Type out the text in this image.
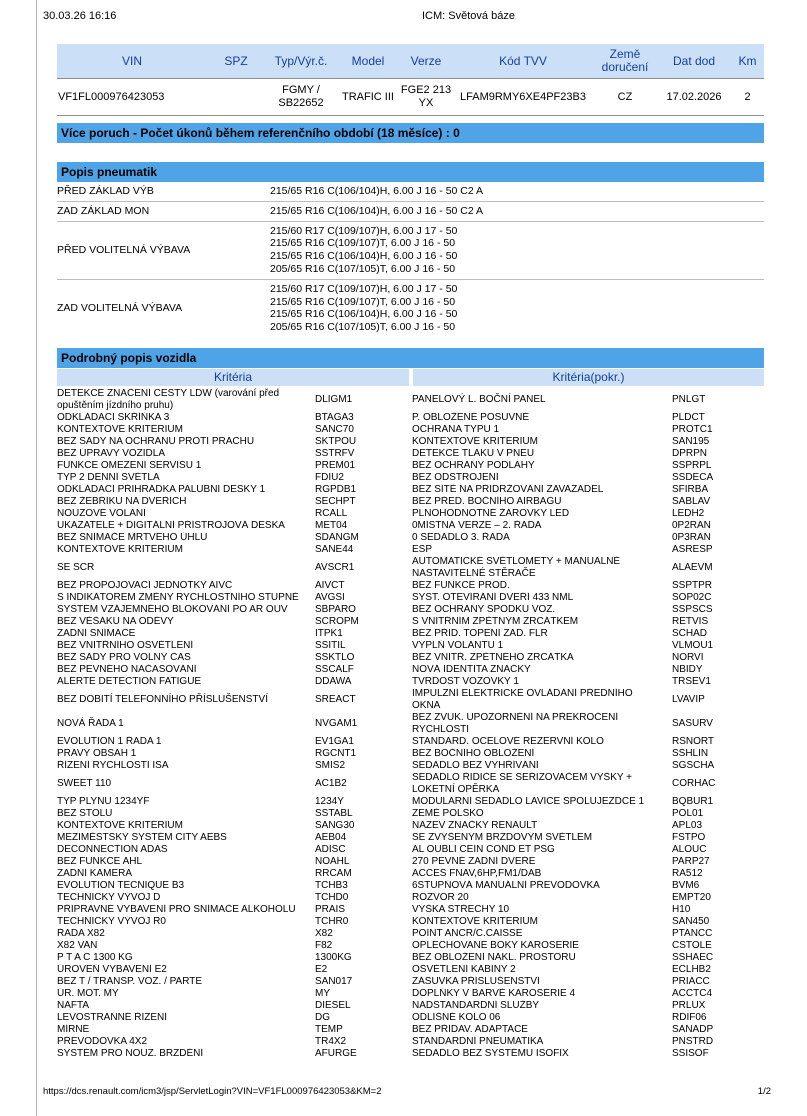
30.03.26 16:16	ICM: Světová báze
VIN	SPZ	Typ/Výr.č.	Model	Verze	Kód TVV	Země doručení	Dat dod	Km
VF1FL000976423053		FGMY / SB22652	TRAFIC III	FGE2 213 YX	LFAM9RMY6XE4PF23B3	CZ	17.02.2026	2
Více poruch - Počet úkonů během referenčního období (18 měsíce) : 0
Popis pneumatik
PŘED ZÁKLAD VÝB	215/65 R16 C(106/104)H, 6.00 J 16 - 50 C2 A

ZAD ZÁKLAD MON	215/65 R16 C(106/104)H, 6.00 J 16 - 50 C2 A

PŘED VOLITELNÁ VÝBAVA	215/60 R17 C(109/107)H, 6.00 J 17 - 50
215/65 R16 C(109/107)T, 6.00 J 16 - 50
215/65 R16 C(106/104)H, 6.00 J 16 - 50
205/65 R16 C(107/105)T, 6.00 J 16 - 50

ZAD VOLITELNÁ VÝBAVA	215/60 R17 C(109/107)H, 6.00 J 17 - 50
215/65 R16 C(109/107)T, 6.00 J 16 - 50
215/65 R16 C(106/104)H, 6.00 J 16 - 50
205/65 R16 C(107/105)T, 6.00 J 16 - 50
Podrobný popis vozidla
Kritéria	Kritéria(pokr.)
DETEKCE ZNAČENÍ CESTY LDW (varování před opuštěním jízdního pruhu)	DLIGM1	PANELOVÝ L. BOČNÍ PANEL	PNLGT
ODKLÁDACÍ SKŘÍŇKA 3	BTAGA3	P. OBLOŽENÉ POSUVNÉ	PLDCT
KONTEXTOVÉ KRITÉRIUM	SANC70	OCHRANA TYPU 1	PROTC1
BEZ SADY NA OCHRANU PROTI PRACHU	SKTPOU	KONTEXTOVÉ KRITÉRIUM	SAN195
BEZ ÚPRAVY VOZIDLA	SSTRFV	DETEKCE TLAKU V PNEU	DPRPN
FUNKCE OMEZENÍ SERVISU 1	PREM01	BEZ OCHRANY PODLAHY	SSPRPL
TYP 2 DENNÍ SVĚTLA	FDIU2	BEZ ODSTROJENÍ	SSDECA
ODKLÁDACÍ PŘIHRÁDKA PALUBNÍ DESKY 1	RGPDB1	BEZ SÍTĚ NA PŘIDRŽOVÁNÍ ZAVAZADEL	SFIRBA
BEZ ŽEBŘÍKU NA DVEŘÍCH	SECHPT	BEZ PŘED. BOČNÍHO AIRBAGU	SABLAV
NOUZOVÉ VOLÁNÍ	RCALL	PLNOHODNOTNÉ ŽÁROVKY LED	LEDH2
UKAZATELE + DIGITÁLNÍ PŘÍSTROJOVÁ DESKA	MET04	0MÍSTNÁ VERZE – 2. ŘADA	0P2RAN
BEZ SNÍMAČE MRTVÉHO ÚHLU	SDANGM	0 SEDADLO 3. ŘADA	0P3RAN
KONTEXTOVÉ KRITÉRIUM	SANE44	ESP	ASRESP
SE SCR	AVSCR1	AUTOMATICKÉ SVĚTLOMETY + MANUÁLNĚ NASTAVITELNÉ STĚRAČE	ALAEVM
BEZ PROPOJOVACÍ JEDNOTKY AIVC	AIVCT	BEZ FUNKCE PROD.	SSPTPR
S INDIKÁTOREM ZMĚNY RYCHLOSTNÍHO STUPNĚ	AVGSI	SYST. OTEVÍRÁNÍ DVEŘÍ 433 NML	SOP02C
SYSTÉM VZÁJEMNÉHO BLOKOVÁNÍ PO AR OUV	SBPARO	BEZ OCHRANY SPODKU VOZ.	SSPSCS
BEZ VĚŠÁKU NA ODĚVY	SCROPM	S VNITŘNÍM ZPĚTNÝM ZRCÁTKEM	RETVIS
ZADNÍ SNÍMAČE	ITPK1	BEZ PŘÍD. TOPENÍ ZAD. FLR	SCHAD
BEZ VNITŘNÍHO OSVĚTLENÍ	SSITIL	VÝPLŇ VOLANTU 1	VLMOU1
BEZ SADY PRO VOLNÝ ČAS	SSKTLO	BEZ VNITŘ. ZPĚTNÉHO ZRCÁTKA	NORVI
BEZ PEVNÉHO NAČASOVÁNÍ	SSCALF	NOVÁ IDENTITA ZNAČKY	NBIDY
ALERTE DETECTION FATIGUE	DDAWA	TVRDOST VOZOVKY 1	TRSEV1
BEZ DOBITÍ TELEFONNÍHO PŘÍSLUŠENSTVÍ	SREACT	IMPULZNÍ ELEKTRICKÉ OVLÁDÁNÍ PŘEDNÍHO OKNA	LVAVIP
NOVÁ ŘADA 1	NVGAM1	BEZ ZVUK. UPOZORNĚNÍ NA PŘEKROČENÍ RYCHLOSTI	SASURV
EVOLUTION 1 ŘADA 1	EV1GA1	STANDARD. OCELOVÉ REZERVNÍ KOLO	RSNORT
PRAVÝ OBSAH 1	RGCNT1	BEZ BOČNÍHO OBLOŽENÍ	SSHLIN
ŘÍZENÍ RYCHLOSTI ISA	SMIS2	SEDADLO BEZ VYHŘÍVÁNÍ	SGSCHA
SWEET 110	AC1B2	SEDADLO ŘIDIČE SE SEŘIZOVAČEM VÝŠKY + LOKETNÍ OPĚRKA	CORHAC
TYP PLYNU 1234YF	1234Y	MODULÁRNÍ SEDADLO LAVICE SPOLUJEZDCE 1	BQBUR1
BEZ STOLU	SSTABL	ZEMĚ POLSKO	POL01
KONTEXTOVÉ KRITÉRIUM	SANG30	NÁZEV ZNAČKY RENAULT	APL03
MEZIMĚSTSKÝ SYSTÉM CITY AEBS	AEB04	SE ZVÝŠENÝM BRZDOVÝM SVĚTLEM	FSTPO
DECONNECTION ADAS	ADISC	AL OUBLI CEIN COND ET PSG	ALOUC
BEZ FUNKCE AHL	NOAHL	270 PEVNÉ ZADNÍ DVEŘE	PARP27
ZADNÍ KAMERA	RRCAM	ACCES FNAV,6HP,FM1/DAB	RA512
EVOLUTION TECNIQUE B3	TCHB3	6STUPŇOVÁ MANUÁLNÍ PŘEVODOVKA	BVM6
TECHNICKÝ VÝVOJ D	TCHD0	ROZVOR 20	EMPT20
PŘÍPRAVNÉ VYBAVENÍ PRO SNÍMAČE ALKOHOLU	PRAIS	VÝŠKA STŘECHY 10	H10
TECHNICKÝ VÝVOJ R0	TCHR0	KONTEXTOVÉ KRITÉRIUM	SAN450
ŘADA X82	X82	POINT ANCR/C.CAISSE	PTANCC
X82 VAN	F82	OPLECHOVANÉ BOKY KAROSERIE	CSTOLE
P T A C 1300 KG	1300KG	BEZ OBLOŽENÍ NÁKL. PROSTORU	SSHAEC
ÚROVEŇ VYBAVENÍ E2	E2	OSVĚTLENÍ KABINY 2	ECLHB2
BEZ T / TRANSP. VOZ. / PARTE	SAN017	ZÁSUVKA PŘÍSLUŠENSTVÍ	PRIACC
ÚR. MOT. MY	MY	DOPLŇKY V BARVĚ KAROSÉRIE 4	ACCTC4
NAFTA	DIESEL	NADSTANDARDNÍ SLUŽBY	PRLUX
LEVOSTRANNÉ ŘÍZENÍ	DG	ODLIŠNÉ KOLO 06	RDIF06
MÍRNÉ	TEMP	BEZ PŘÍDAV. ADAPTACE	SANADP
PŘEVODOVKA 4X2	TR4X2	STANDARDNÍ PNEUMATIKA	PNSTRD
SYSTÉM PRO NOUZ. BRZDĚNÍ	AFURGE	SEDADLO BEZ SYSTÉMU ISOFIX	SSISOF
https://dcs.renault.com/icm3/jsp/ServletLogin?VIN=VF1FL000976423053&KM=2	1/2
